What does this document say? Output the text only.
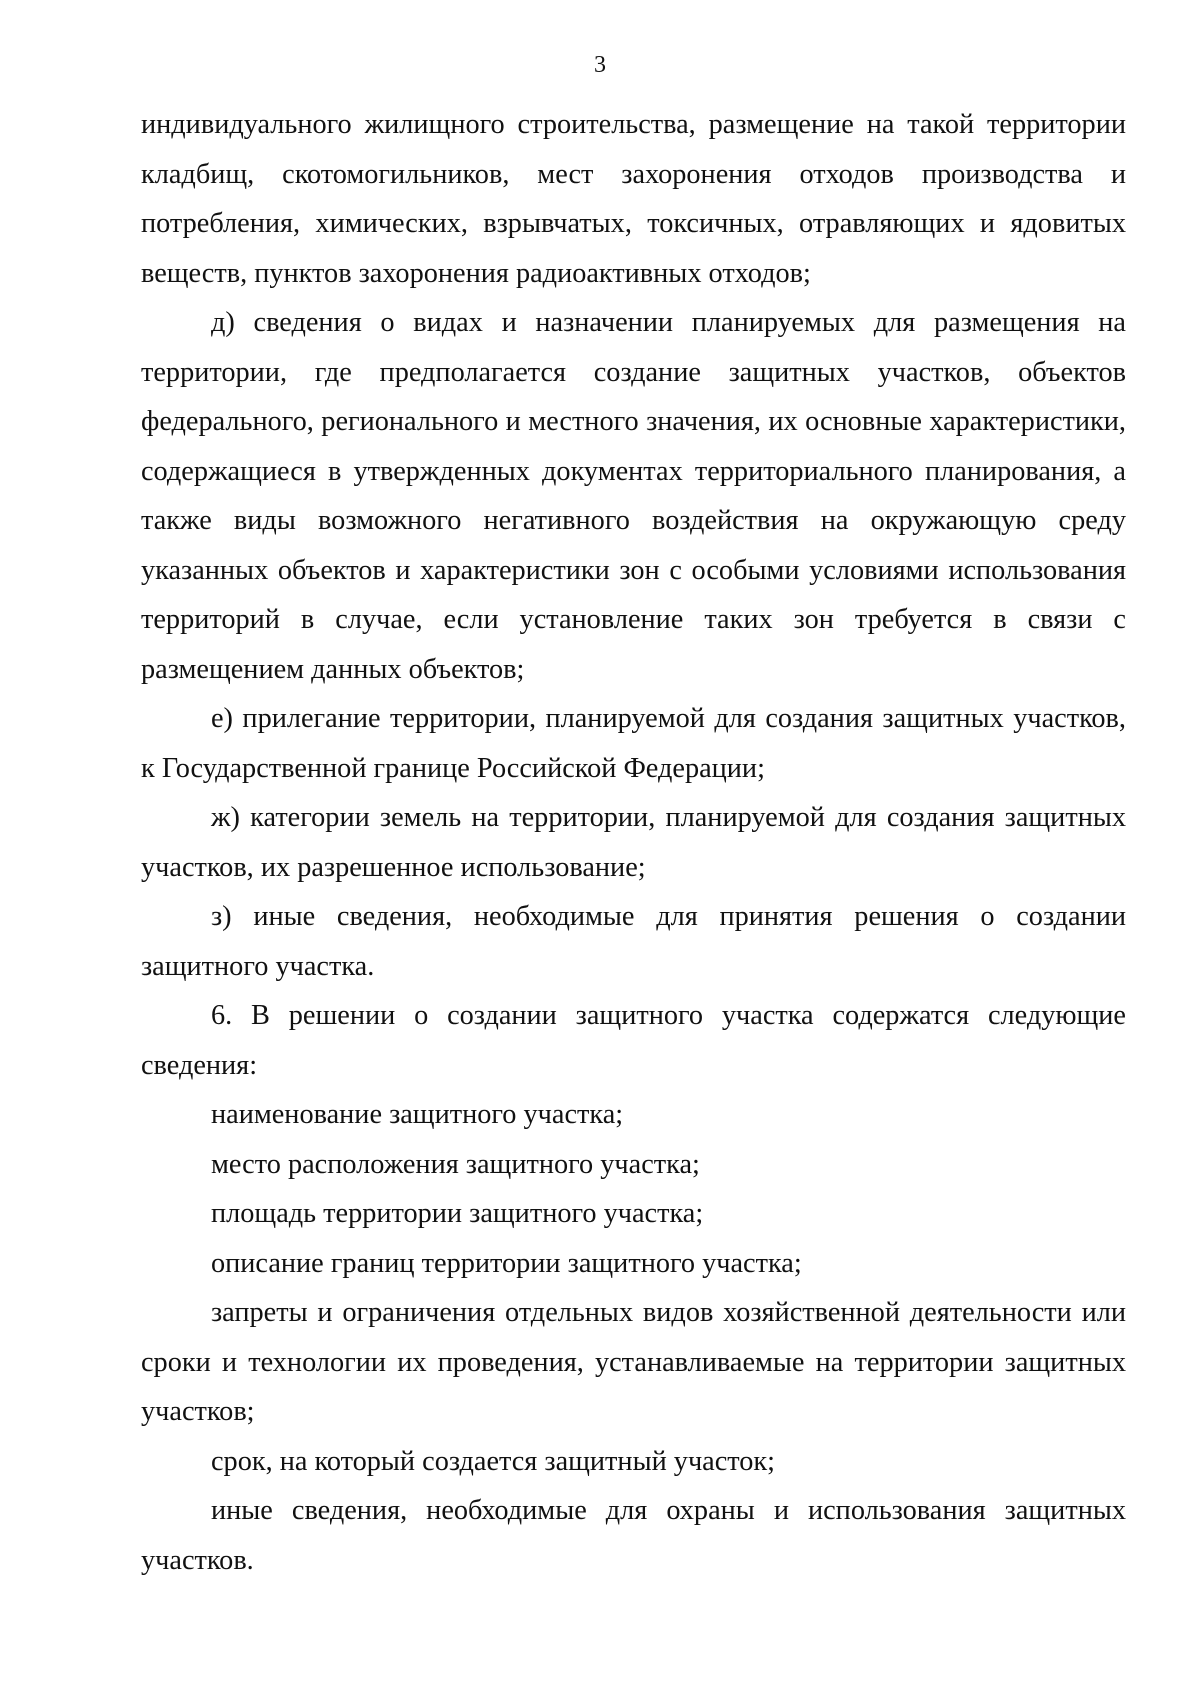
3

индивидуального жилищного строительства, размещение на такой территории кладбищ, скотомогильников, мест захоронения отходов производства и потребления, химических, взрывчатых, токсичных, отравляющих и ядовитых веществ, пунктов захоронения радиоактивных отходов;

д) сведения о видах и назначении планируемых для размещения на территории, где предполагается создание защитных участков, объектов федерального, регионального и местного значения, их основные характеристики, содержащиеся в утвержденных документах территориального планирования, а также виды возможного негативного воздействия на окружающую среду указанных объектов и характеристики зон с особыми условиями использования территорий в случае, если установление таких зон требуется в связи с размещением данных объектов;

е) прилегание территории, планируемой для создания защитных участков, к Государственной границе Российской Федерации;

ж) категории земель на территории, планируемой для создания защитных участков, их разрешенное использование;

з) иные сведения, необходимые для принятия решения о создании защитного участка.

6. В решении о создании защитного участка содержатся следующие сведения:

наименование защитного участка;

место расположения защитного участка;

площадь территории защитного участка;

описание границ территории защитного участка;

запреты и ограничения отдельных видов хозяйственной деятельности или сроки и технологии их проведения, устанавливаемые на территории защитных участков;

срок, на который создается защитный участок;

иные сведения, необходимые для охраны и использования защитных участков.
